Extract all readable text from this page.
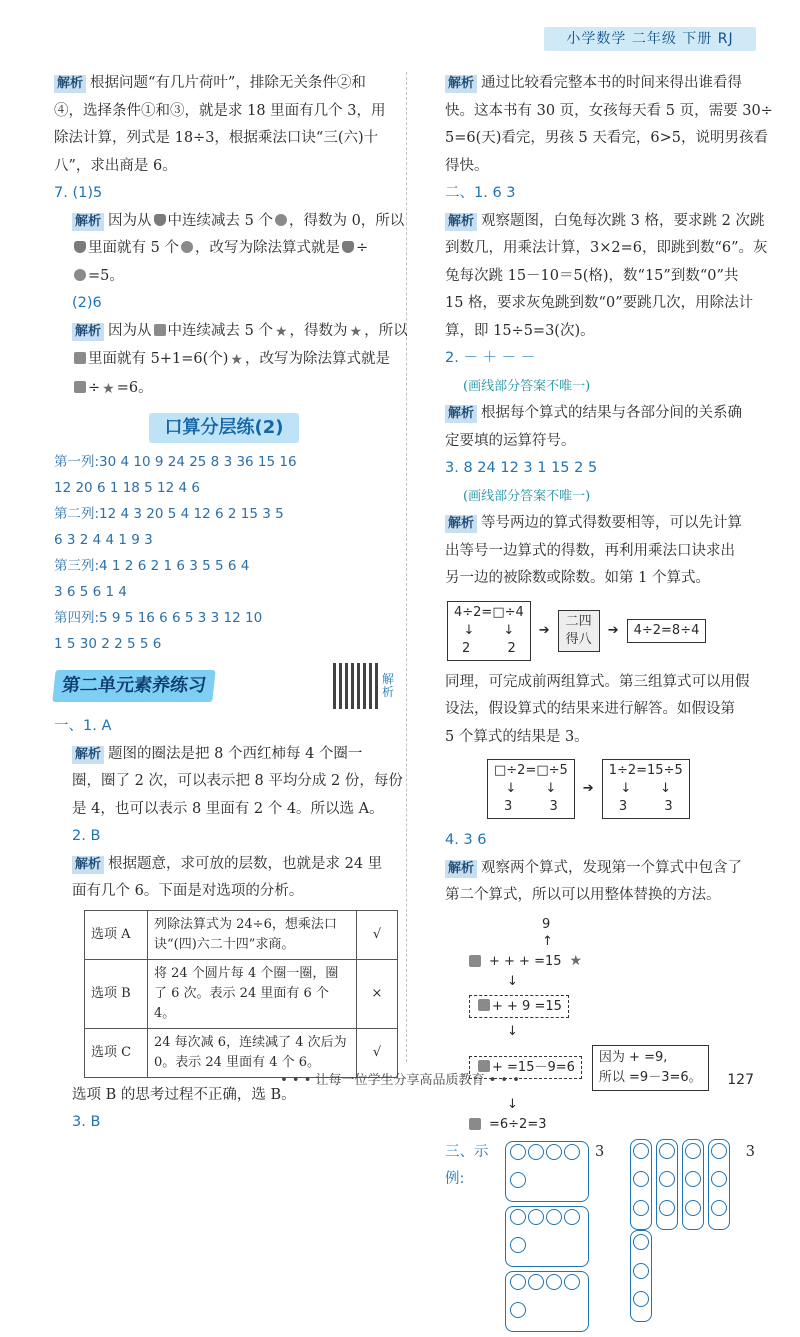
小学数学 二年级 下册 RJ
解析 根据问题“有几片荷叶”，排除无关条件②和
④，选择条件①和③，就是求 18 里面有几个 3，用
除法计算，列式是 18÷3，根据乘法口诀“三(六)十
八”，求出商是 6。
7. (1)5
解析 因为从 中连续减去 5 个 ，得数为 0，所以
里面就有 5 个 ，改写为除法算式就是 ÷
=5。
(2)6
解析 因为从 中连续减去 5 个 ★ ，得数为 ★ ，所以
里面就有 5+1=6(个) ★ ，改写为除法算式就是
÷ ★ =6。
口算分层练(2)
第一列:30 4 10 9 24 25 8 3 36 15 16
12 20 6 1 18 5 12 4 6
第二列:12 4 3 20 5 4 12 6 2 15 3 5
6 3 2 4 4 1 9 3
第三列:4 1 2 6 2 1 6 3 5 5 6 4
3 6 5 6 1 4
第四列:5 9 5 16 6 6 5 3 3 12 10
1 5 30 2 2 5 5 6
第二单元素养练习	解析
一、1. A
解析 题图的圈法是把 8 个西红柿每 4 个圈一
圈，圈了 2 次，可以表示把 8 平均分成 2 份，每份
是 4，也可以表示 8 里面有 2 个 4。所以选 A。
2. B
解析 根据题意，求可放的层数，也就是求 24 里
面有几个 6。下面是对选项的分析。
选项 A	列除法算式为 24÷6，想乘法口诀“(四)六二十四”求商。	√
选项 B	将 24 个圆片每 4 个圈一圈，圈了 6 次。表示 24 里面有 6 个 4。	×
选项 C	24 每次减 6，连续减了 4 次后为 0。表示 24 里面有 4 个 6。	√
选项 B 的思考过程不正确，选 B。
3. B
解析 通过比较看完整本书的时间来得出谁看得
快。这本书有 30 页，女孩每天看 5 页，需要 30÷
5=6(天)看完，男孩 5 天看完，6>5，说明男孩看
得快。
二、1. 6 3
解析 观察题图，白兔每次跳 3 格，要求跳 2 次跳
到数几，用乘法计算，3×2=6，即跳到数“6”。灰
兔每次跳 15－10＝5(格)，数“15”到数“0”共
15 格，要求灰兔跳到数“0”要跳几次，用除法计
算，即 15÷5=3(次)。
2. － ＋ － －
(画线部分答案不唯一)
解析 根据每个算式的结果与各部分间的关系确
定要填的运算符号。
3. 8 24 12 3 1 15 2 5
(画线部分答案不唯一)
解析 等号两边的算式得数要相等，可以先计算
出等号一边算式的得数，再利用乘法口诀求出
另一边的被除数或除数。如第 1 个算式。
4÷2=□÷4
↓       ↓
2	2
➔
二四得八
➔	4÷2=8÷4
同理，可完成前两组算式。第三组算式可以用假
设法，假设算式的结果来进行解答。如假设第
5 个算式的结果是 3。
□÷2=□÷5
↓       ↓
3	3
➔
1÷2=15÷5
↓       ↓
3	3
4. 3 6
解析 观察两个算式，发现第一个算式中包含了
第二个算式，所以可以用整体替换的方法。
9
↑
+ + + =15 ★
↓
+ + 9 =15
↓
+ =15－9=6
因为 + =9,
所以 =9－3=6。
↓
=6÷2=3
三、示例:

3	3
• • • 让每一位学生分享高品质教育 • • •	127
